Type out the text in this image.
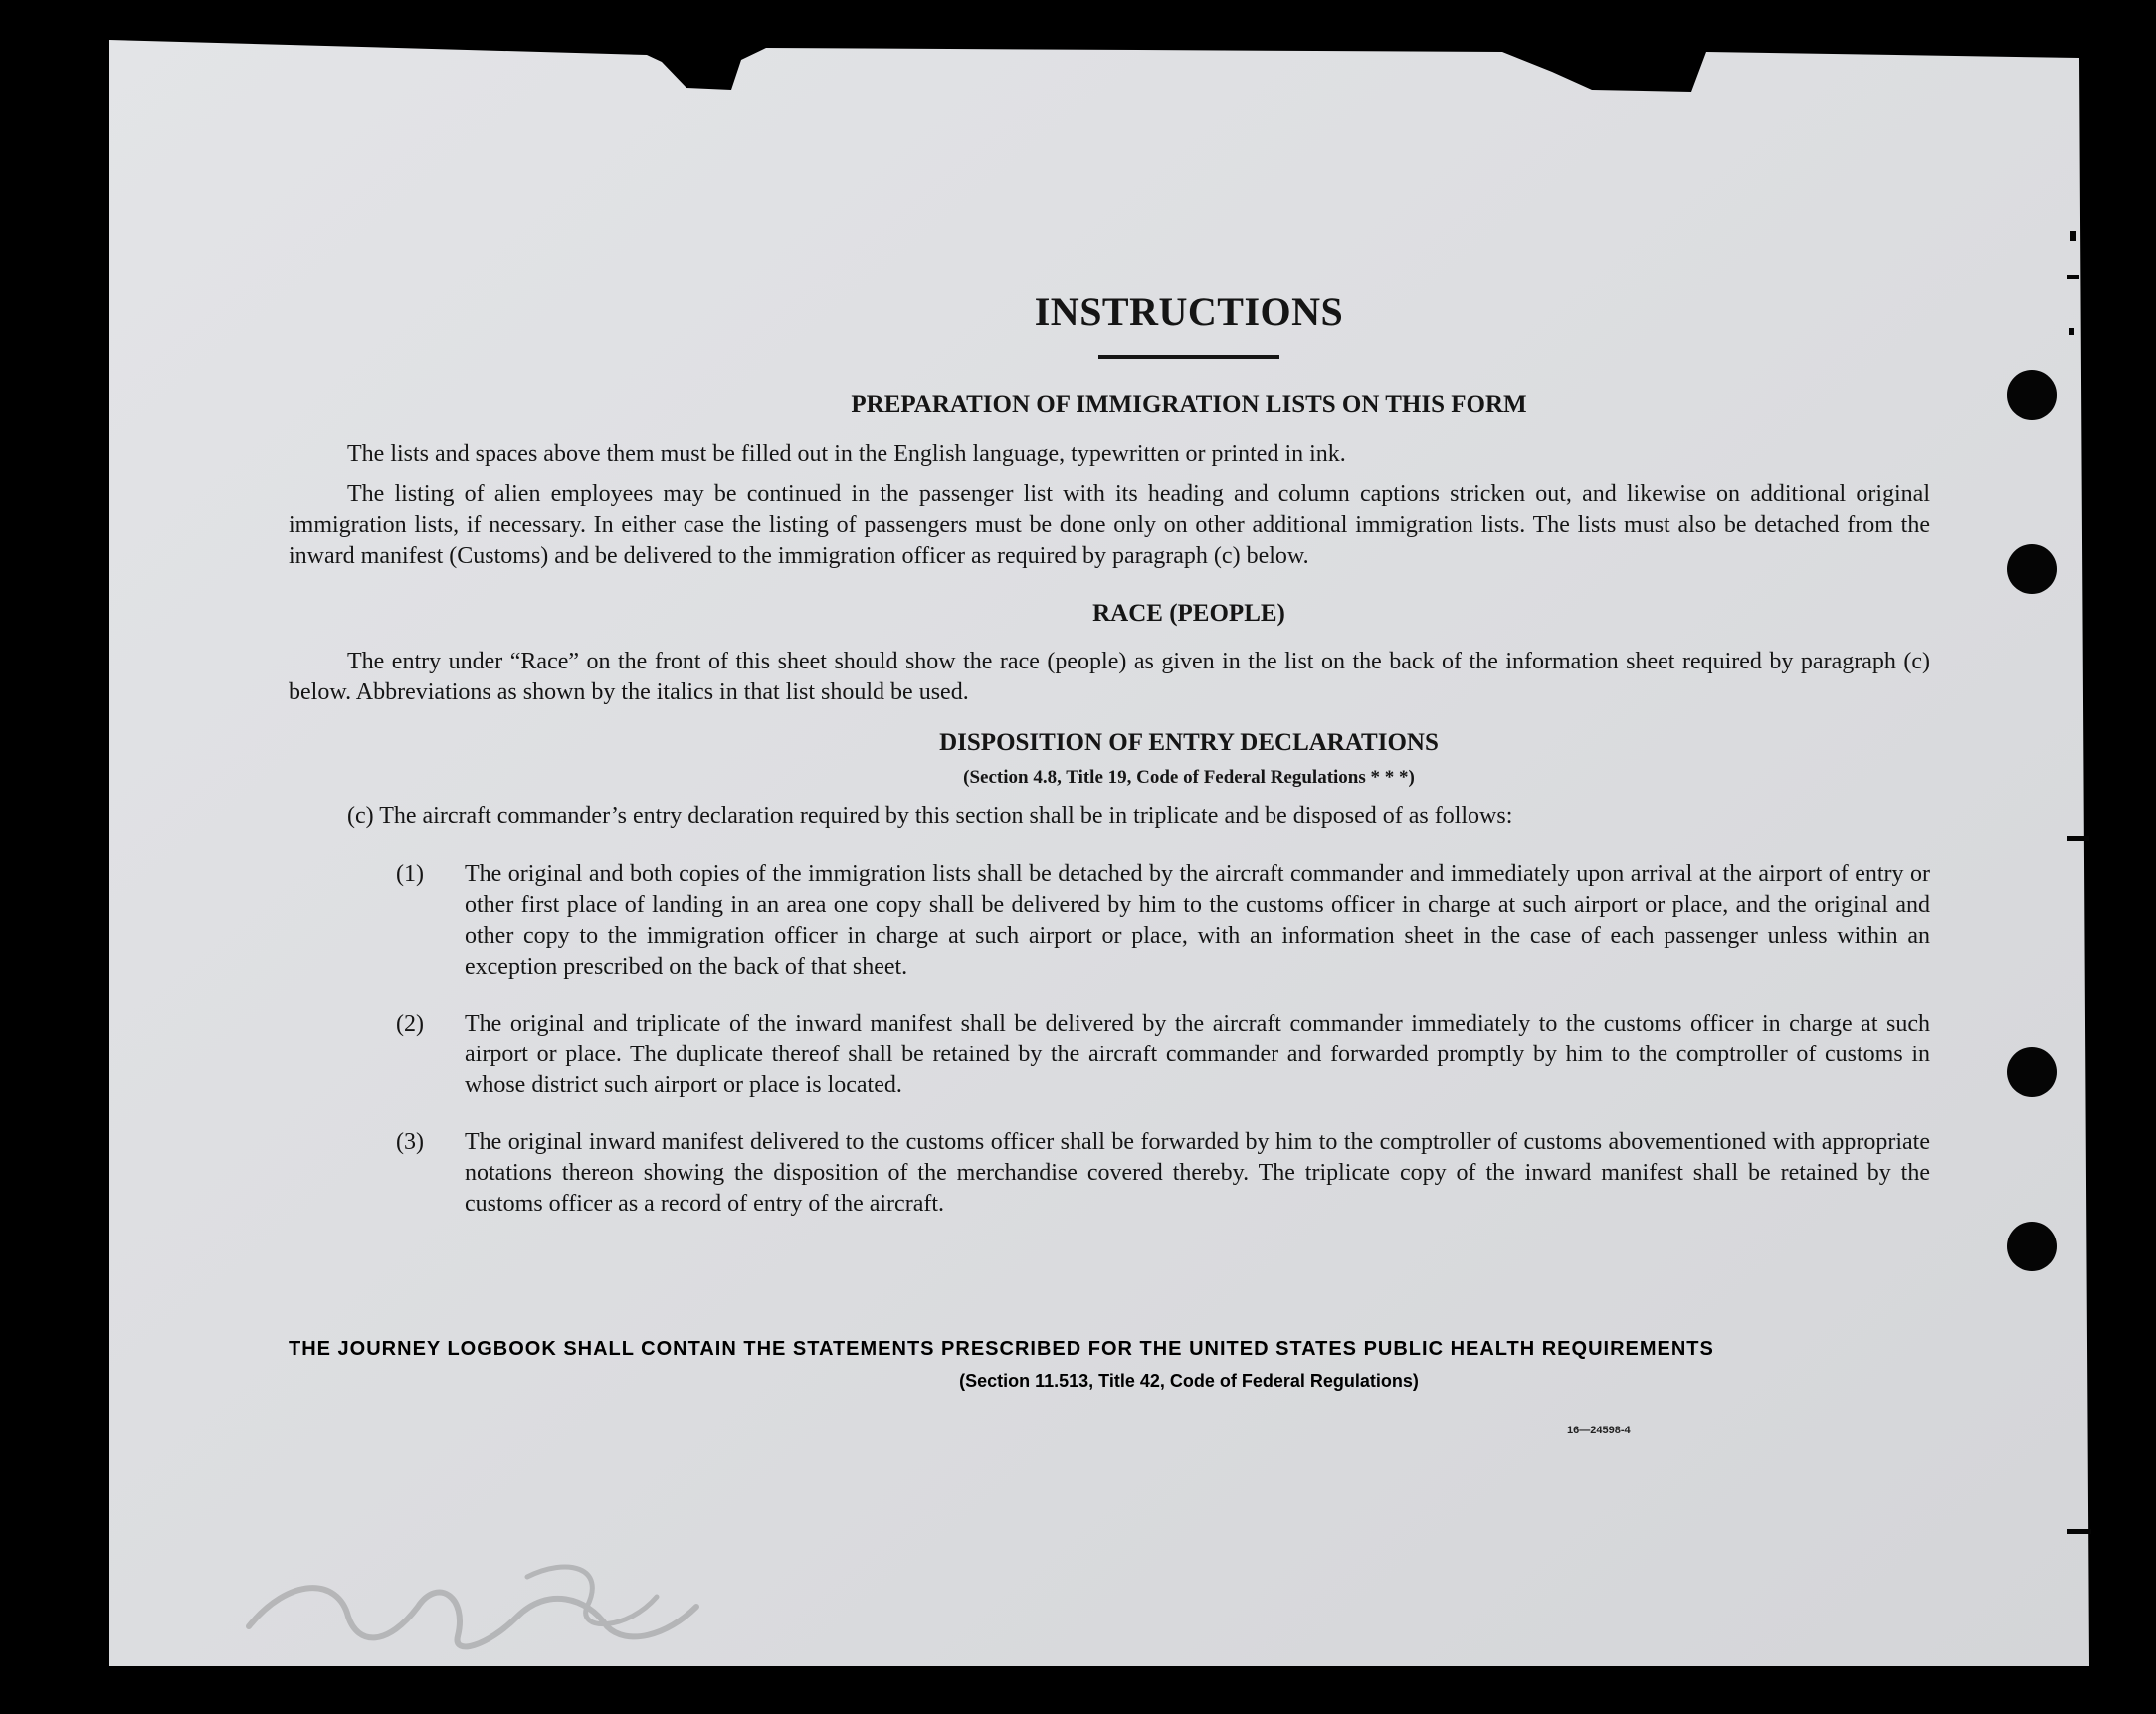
INSTRUCTIONS
PREPARATION OF IMMIGRATION LISTS ON THIS FORM

The lists and spaces above them must be filled out in the English language, typewritten or printed in ink.

The listing of alien employees may be continued in the passenger list with its heading and column captions stricken out, and likewise on additional original immigration lists, if necessary. In either case the listing of passengers must be done only on other additional immigration lists. The lists must also be detached from the inward manifest (Customs) and be delivered to the immigration officer as required by paragraph (c) below.

RACE (PEOPLE)

The entry under “Race” on the front of this sheet should show the race (people) as given in the list on the back of the information sheet required by paragraph (c) below. Abbreviations as shown by the italics in that list should be used.

DISPOSITION OF ENTRY DECLARATIONS
(Section 4.8, Title 19, Code of Federal Regulations * * *)

(c) The aircraft commander’s entry declaration required by this section shall be in triplicate and be disposed of as follows:

(1) The original and both copies of the immigration lists shall be detached by the aircraft commander and immediately upon arrival at the airport of entry or other first place of landing in an area one copy shall be delivered by him to the customs officer in charge at such airport or place, and the original and other copy to the immigration officer in charge at such airport or place, with an information sheet in the case of each passenger unless within an exception prescribed on the back of that sheet.
(2) The original and triplicate of the inward manifest shall be delivered by the aircraft commander immediately to the customs officer in charge at such airport or place. The duplicate thereof shall be retained by the aircraft commander and forwarded promptly by him to the comptroller of customs in whose district such airport or place is located.
(3) The original inward manifest delivered to the customs officer shall be forwarded by him to the comptroller of customs abovementioned with appropriate notations thereon showing the disposition of the merchandise covered thereby. The triplicate copy of the inward manifest shall be retained by the customs officer as a record of entry of the aircraft.
THE JOURNEY LOGBOOK SHALL CONTAIN THE STATEMENTS PRESCRIBED FOR THE UNITED STATES PUBLIC HEALTH REQUIREMENTS
(Section 11.513, Title 42, Code of Federal Regulations)
16—24598-4
